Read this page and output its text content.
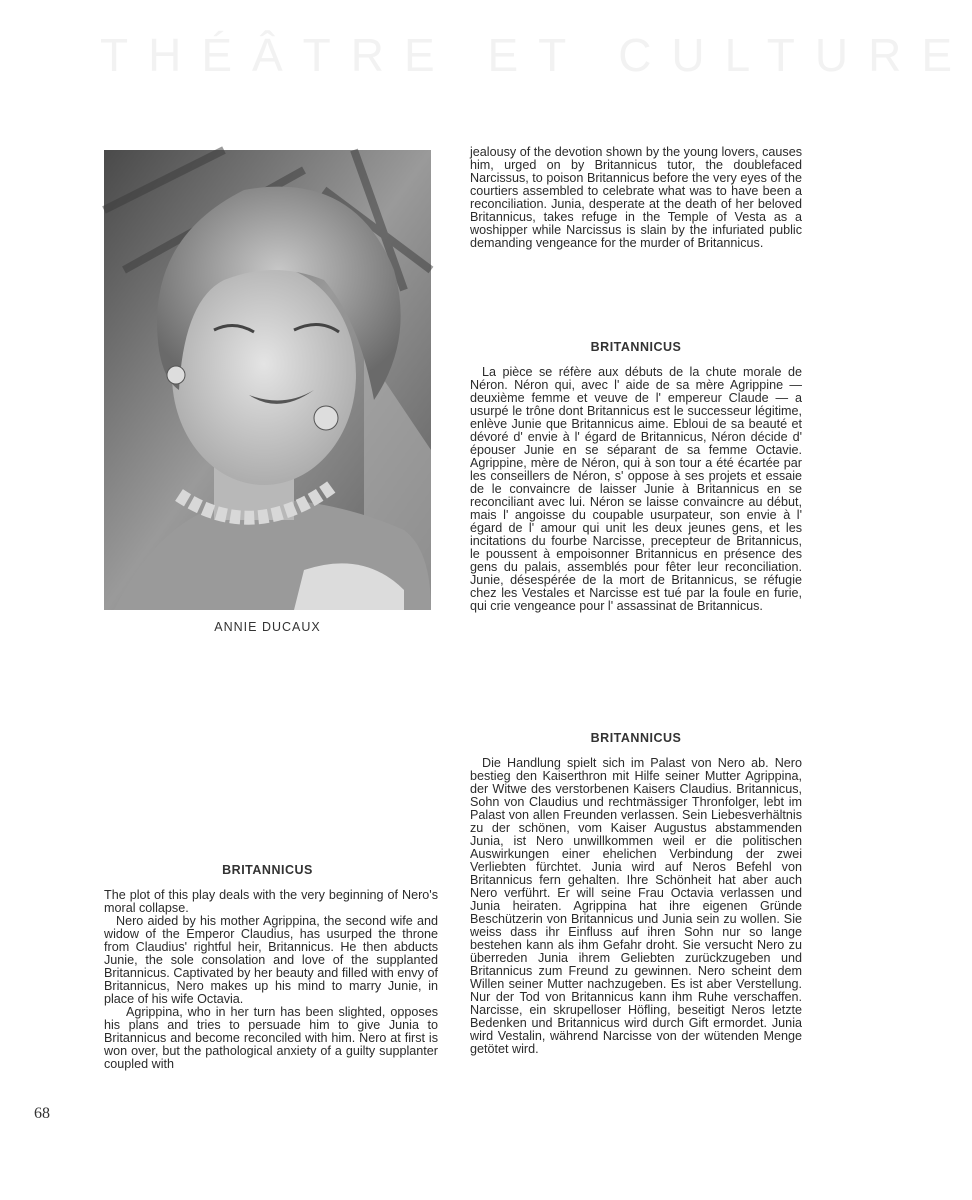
THÉÂTRE ET CULTURE
ANNIE DUCAUX
jealousy of the devotion shown by the young lovers, causes him, urged on by Britannicus tutor, the doublefaced Narcissus, to poison Britannicus before the very eyes of the courtiers assembled to celebrate what was to have been a reconciliation. Junia, desperate at the death of her beloved Britannicus, takes refuge in the Temple of Vesta as a woshipper while Narcissus is slain by the infuriated public demanding vengeance for the murder of Britannicus.
BRITANNICUS
La pièce se réfère aux débuts de la chute morale de Néron. Néron qui, avec l' aide de sa mère Agrippine — deuxième femme et veuve de l' empereur Claude — a usurpé le trône dont Britannicus est le successeur légitime, enlève Junie que Britannicus aime. Ebloui de sa beauté et dévoré d' envie à l' égard de Britannicus, Néron décide d' épouser Junie en se séparant de sa femme Octavie. Agrippine, mère de Néron, qui à son tour a été écartée par les conseillers de Néron, s' oppose à ses projets et essaie de le convaincre de laisser Junie à Britannicus en se reconciliant avec lui. Néron se laisse convaincre au début, mais l' angoisse du coupable usurpateur, son envie à l' égard de l' amour qui unit les deux jeunes gens, et les incitations du fourbe Narcisse, precepteur de Britannicus, le poussent à empoisonner Britannicus en présence des gens du palais, assemblés pour fêter leur reconciliation. Junie, désespérée de la mort de Britannicus, se réfugie chez les Vestales et Narcisse est tué par la foule en furie, qui crie vengeance pour l' assassinat de Britannicus.
BRITANNICUS
Die Handlung spielt sich im Palast von Nero ab. Nero bestieg den Kaiserthron mit Hilfe seiner Mutter Agrippina, der Witwe des verstorbenen Kaisers Claudius. Britannicus, Sohn von Claudius und rechtmässiger Thronfolger, lebt im Palast von allen Freunden verlassen. Sein Liebesverhältnis zu der schönen, vom Kaiser Augustus abstammenden Junia, ist Nero unwillkommen weil er die politischen Auswirkungen einer ehelichen Verbindung der zwei Verliebten fürchtet. Junia wird auf Neros Befehl von Britannicus fern gehalten. Ihre Schönheit hat aber auch Nero verführt. Er will seine Frau Octavia verlassen und Junia heiraten. Agrippina hat ihre eigenen Gründe Beschützerin von Britannicus und Junia sein zu wollen. Sie weiss dass ihr Einfluss auf ihren Sohn nur so lange bestehen kann als ihm Gefahr droht. Sie versucht Nero zu überreden Junia ihrem Geliebten zurückzugeben und Britannicus zum Freund zu gewinnen. Nero scheint dem Willen seiner Mutter nachzugeben. Es ist aber Verstellung. Nur der Tod von Britannicus kann ihm Ruhe verschaffen. Narcisse, ein skrupelloser Höfling, beseitigt Neros letzte Bedenken und Britannicus wird durch Gift ermordet. Junia wird Vestalin, während Narcisse von der wütenden Menge getötet wird.
BRITANNICUS

The plot of this play deals with the very beginning of Nero's moral collapse.

Nero aided by his mother Agrippina, the second wife and widow of the Emperor Claudius, has usurped the throne from Claudius' rightful heir, Britannicus. He then abducts Junie, the sole consolation and love of the supplanted Britannicus. Captivated by her beauty and filled with envy of Britannicus, Nero makes up his mind to marry Junie, in place of his wife Octavia.

Agrippina, who in her turn has been slighted, opposes his plans and tries to persuade him to give Junia to Britannicus and become reconciled with him. Nero at first is won over, but the pathological anxiety of a guilty supplanter coupled with

68
